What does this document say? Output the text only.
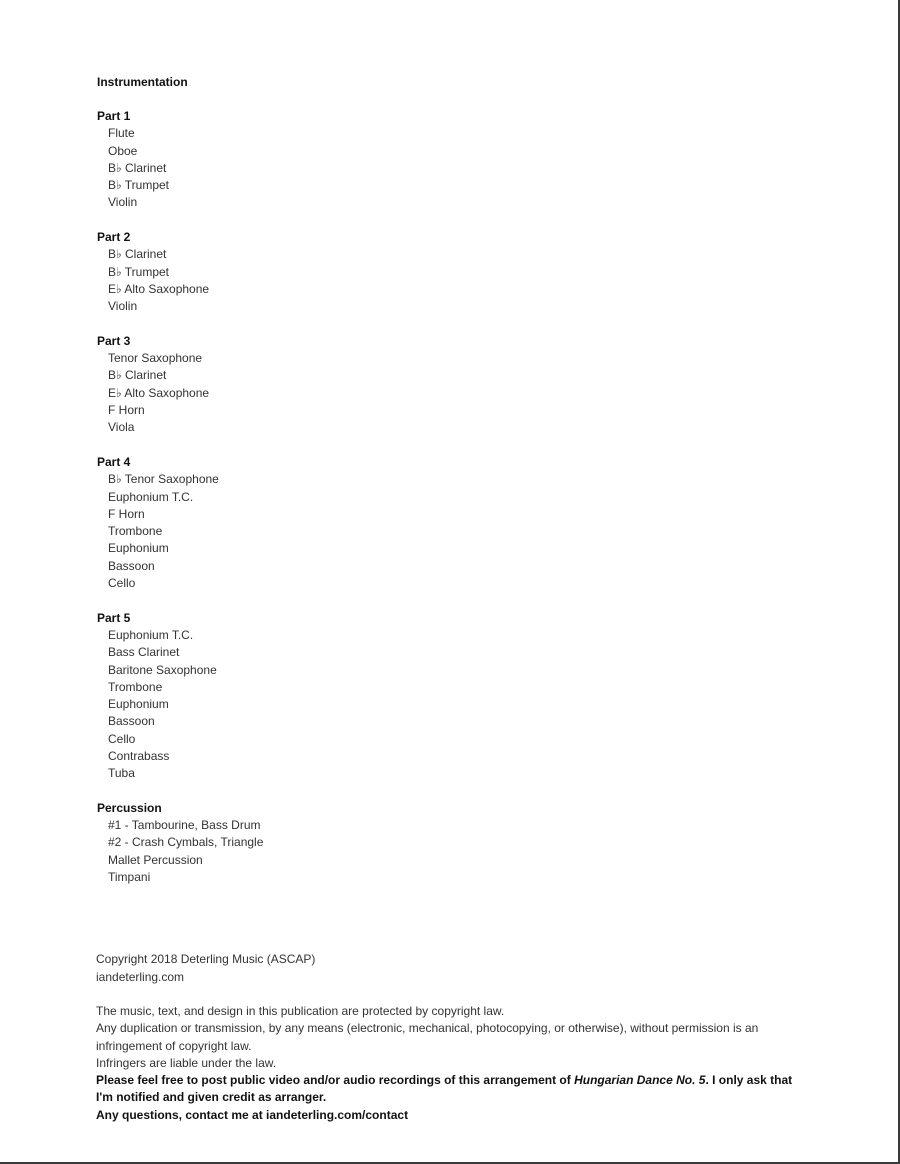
Instrumentation
Part 1
Flute
Oboe
B♭ Clarinet
B♭ Trumpet
Violin
Part 2
B♭ Clarinet
B♭ Trumpet
E♭ Alto Saxophone
Violin
Part 3
Tenor Saxophone
B♭ Clarinet
E♭ Alto Saxophone
F Horn
Viola
Part 4
B♭ Tenor Saxophone
Euphonium T.C.
F Horn
Trombone
Euphonium
Bassoon
Cello
Part 5
Euphonium T.C.
Bass Clarinet
Baritone Saxophone
Trombone
Euphonium
Bassoon
Cello
Contrabass
Tuba
Percussion
#1 - Tambourine, Bass Drum
#2 - Crash Cymbals, Triangle
Mallet Percussion
Timpani
Copyright 2018 Deterling Music (ASCAP)
iandeterling.com
The music, text, and design in this publication are protected by copyright law.
Any duplication or transmission, by any means (electronic, mechanical, photocopying, or otherwise), without permission is an infringement of copyright law.
Infringers are liable under the law.
Please feel free to post public video and/or audio recordings of this arrangement of Hungarian Dance No. 5. I only ask that I'm notified and given credit as arranger.
Any questions, contact me at iandeterling.com/contact
